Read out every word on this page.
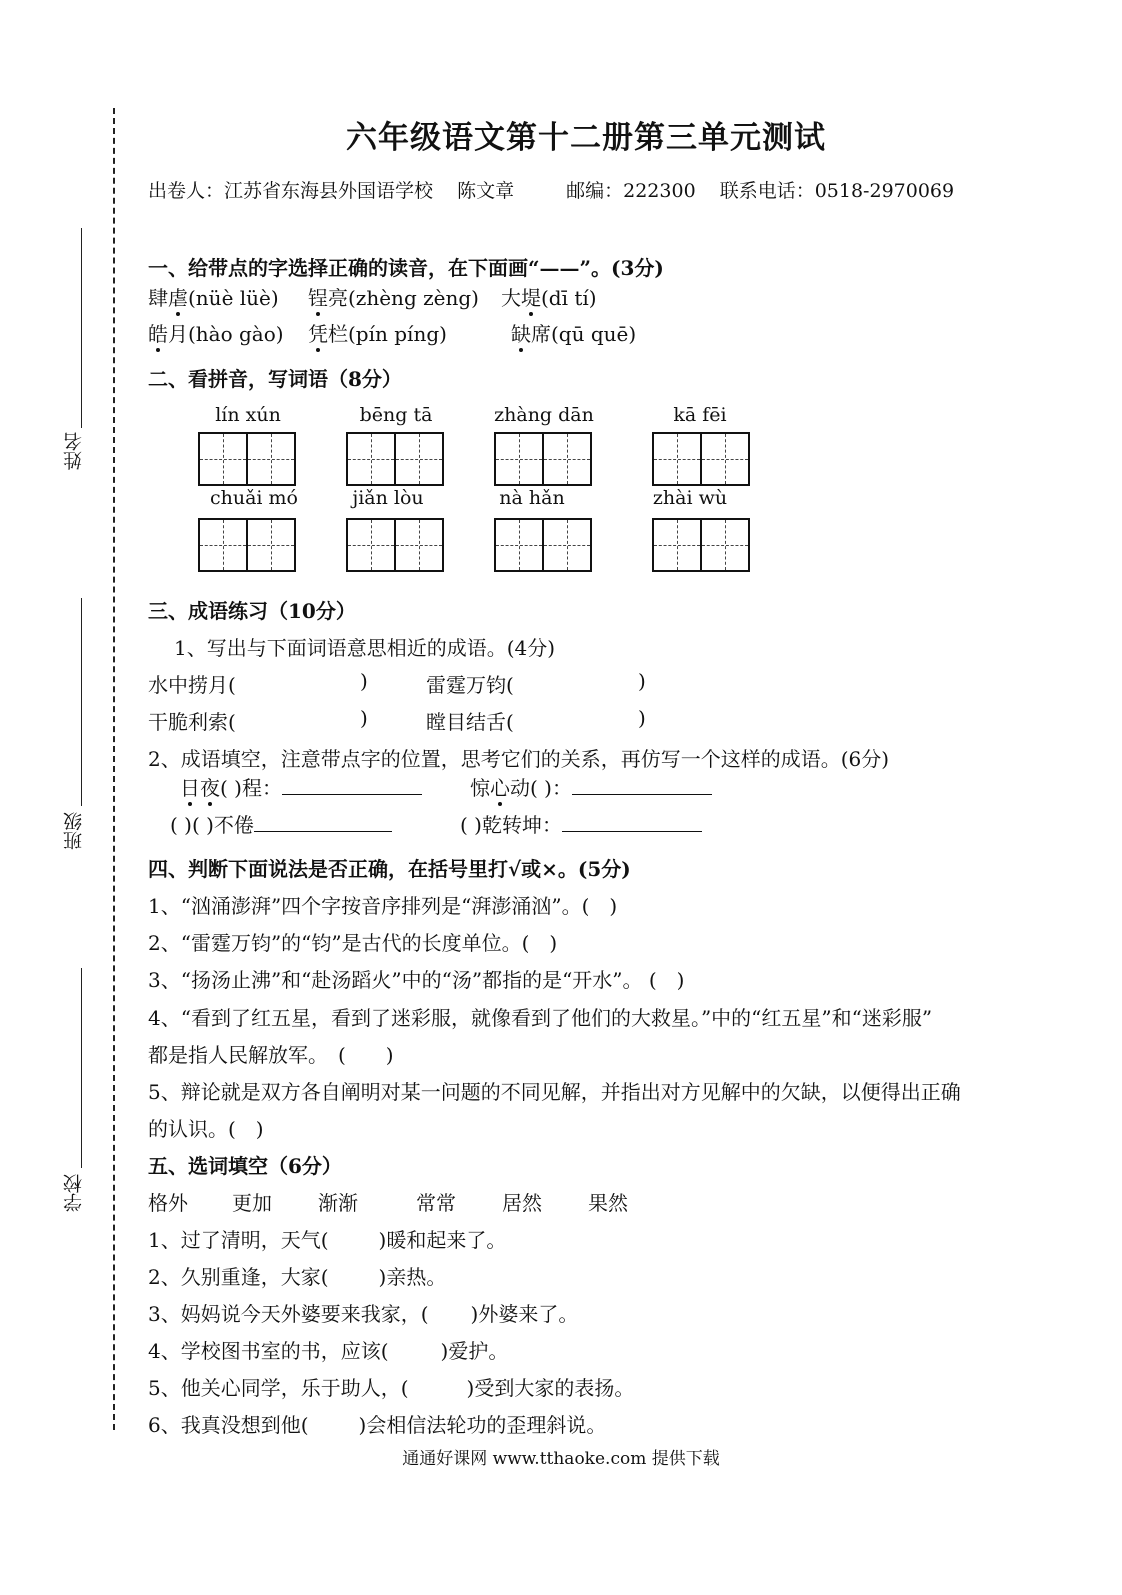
姓名
班级
学校
六年级语文第十二册第三单元测试
出卷人：江苏省东海县外国语学校 陈文章	邮编：222300 联系电话：0518-2970069
一、给带点的字选择正确的读音，在下面画“——”。(3分)
肆虐(nüè lüè) 锃亮(zhèng zèng) 大堤(dī tí)
皓月(hào gào) 凭栏(pín píng)	缺席(qū quē)
二、看拼音，写词语（8分）
lín xún	bēng tā	zhàng dān	kā fēi
chuǎi mó	jiǎn lòu	nà hǎn	zhài wù
三、成语练习（10分）
1、写出与下面词语意思相近的成语。(4分)
水中捞月(	)	雷霆万钧(	)
干脆利索(	)	瞠目结舌(	)
2、成语填空，注意带点字的位置，思考它们的关系，再仿写一个这样的成语。(6分)
日夜( )程：	惊心动( )：
( )( )不倦	( )乾转坤：
四、判断下面说法是否正确，在括号里打√或×。(5分)
1、“汹涌澎湃”四个字按音序排列是“湃澎涌汹”。(　)
2、“雷霆万钧”的“钧”是古代的长度单位。(　)
3、“扬汤止沸”和“赴汤蹈火”中的“汤”都指的是“开水”。 (　)
4、“看到了红五星，看到了迷彩服，就像看到了他们的大救星。”中的“红五星”和“迷彩服”
都是指人民解放军。　(　　)
5、辩论就是双方各自阐明对某一问题的不同见解，并指出对方见解中的欠缺，以便得出正确
的认识。(　)
五、选词填空（6分）
格外 更加 渐渐	常常 居然 果然
1、过了清明，天气(	)暖和起来了。
2、久别重逢，大家(	)亲热。
3、妈妈说今天外婆要来我家，( )外婆来了。
4、学校图书室的书，应该(	)爱护。
5、他关心同学，乐于助人，(	)受到大家的表扬。
6、我真没想到他(	)会相信法轮功的歪理斜说。
通通好课网 www.tthaoke.com 提供下载
